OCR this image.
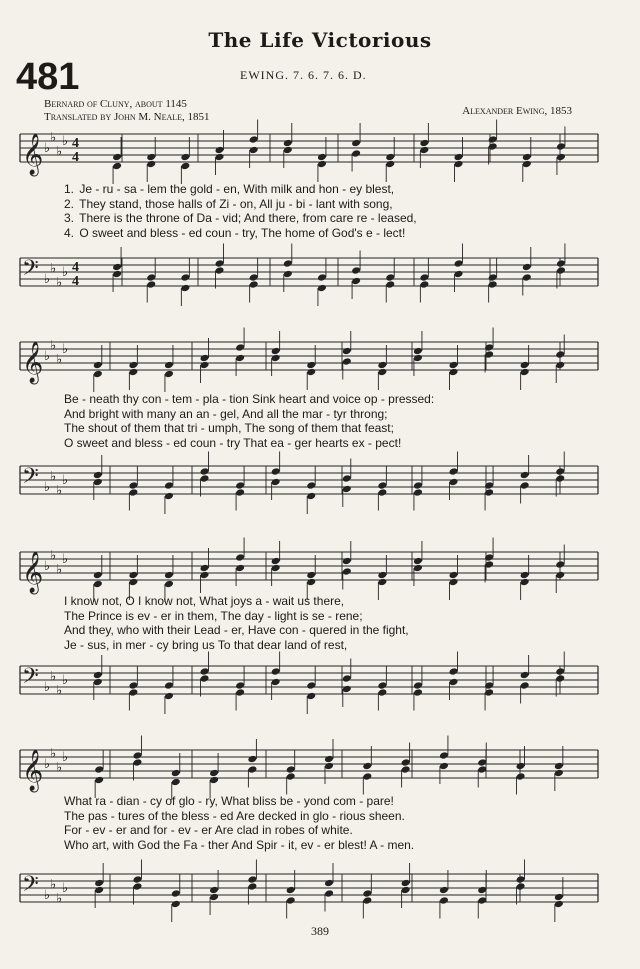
The Life Victorious
481	EWING. 7. 6. 7. 6. D.
Bernard of Cluny, about 1145
Translated by John M. Neale, 1851	Alexander Ewing, 1853
𝄞 ♭
♭
♭
♭ 4
4
1. Je - ru - sa - lem the gold - en, With milk and hon - ey blest,
2. They stand, those halls of Zi - on, All ju - bi - lant with song,
3. There is the throne of Da - vid; And there, from care re - leased,
4. O sweet and bless - ed coun - try, The home of God's e - lect!
𝄢 ♭
♭
♭
♭ 4
4
𝄞 ♭
♭
♭
♭
Be - neath thy con - tem - pla - tion Sink heart and voice op - pressed:
And bright with many an an - gel, And all the mar - tyr throng;
The shout of them that tri - umph, The song of them that feast;
O sweet and bless - ed coun - try That ea - ger hearts ex - pect!
𝄢 ♭
♭
♭
♭
𝄞 ♭
♭
♭
♭
I know not, O I know not, What joys a - wait us there,
The Prince is ev - er in them, The day - light is se - rene;
And they, who with their Lead - er, Have con - quered in the fight,
Je - sus, in mer - cy bring us To that dear land of rest,
𝄢 ♭
♭
♭
♭
𝄞 ♭
♭
♭
♭
What ra - dian - cy of glo - ry, What bliss be - yond com - pare!
The pas - tures of the bless - ed Are decked in glo - rious sheen.
For - ev - er and for - ev - er Are clad in robes of white.
Who art, with God the Fa - ther And Spir - it, ev - er blest! A - men.
𝄢 ♭
♭
♭
♭
389
